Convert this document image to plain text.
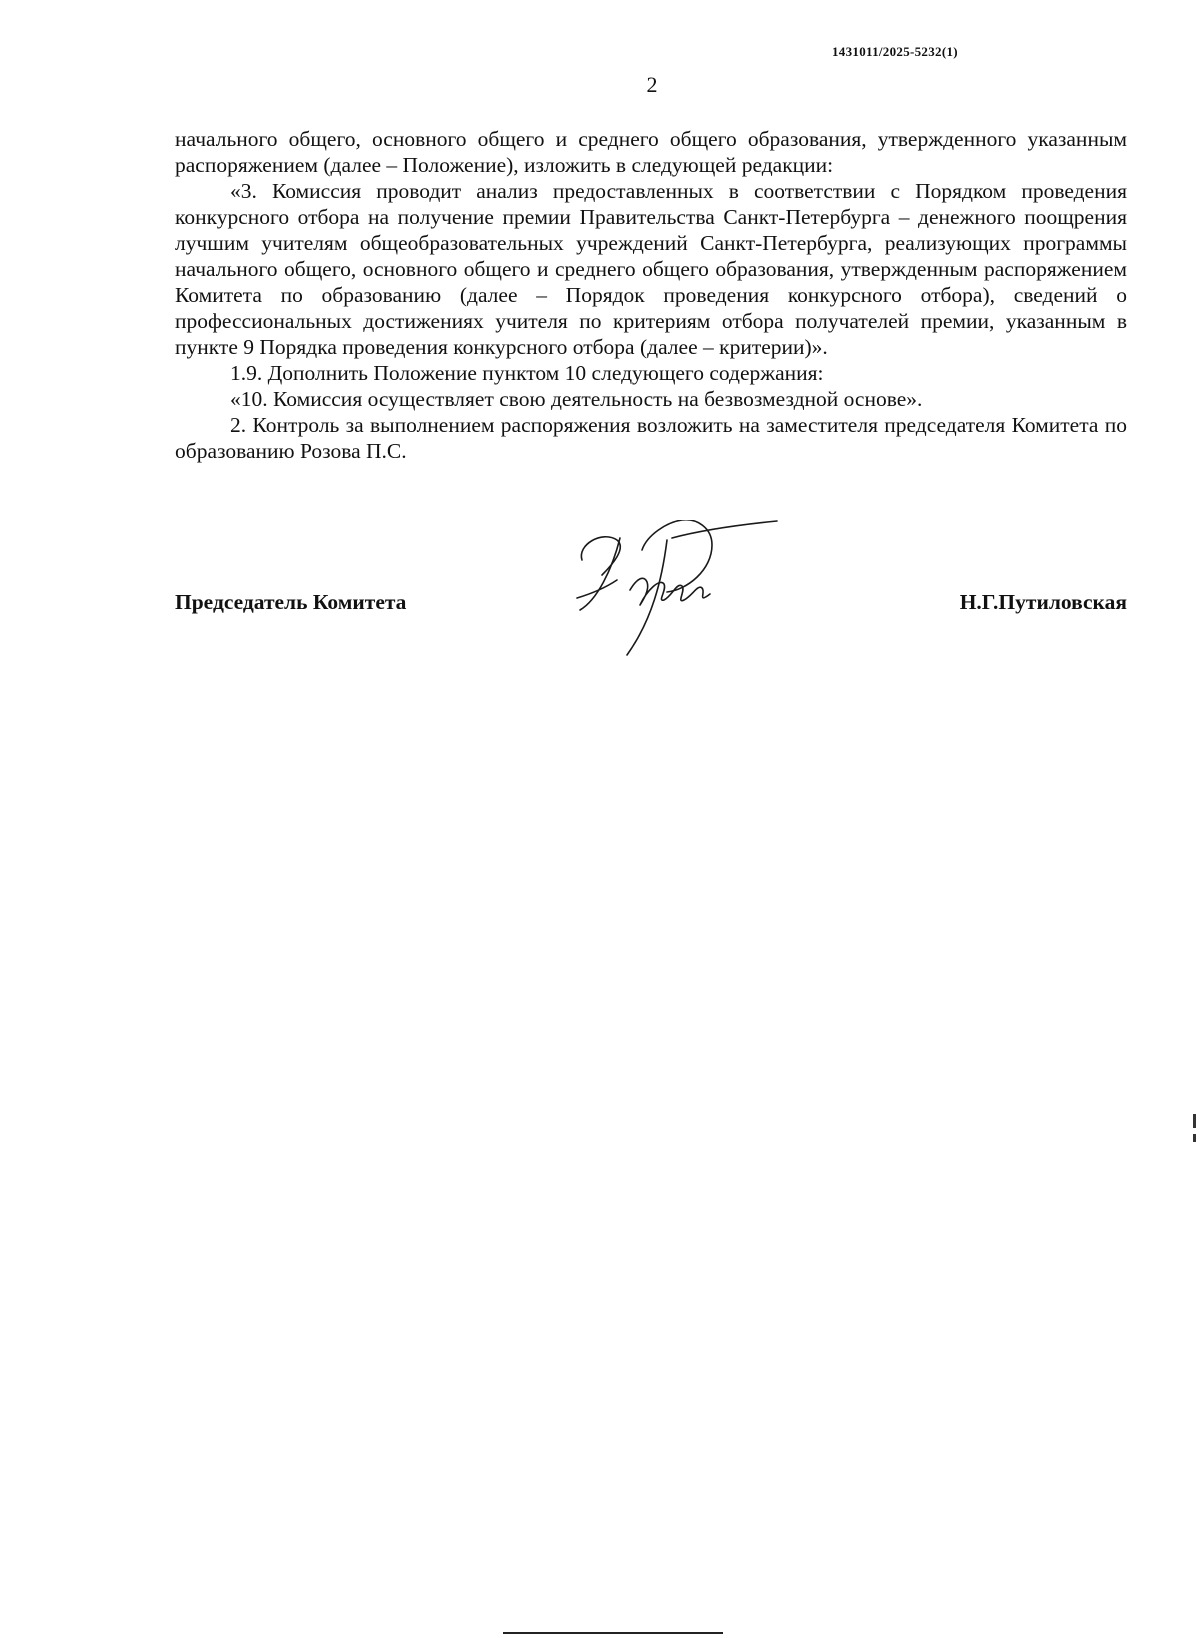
1431011/2025-5232(1)
2

начального общего, основного общего и среднего общего образования, утвержденного указанным распоряжением (далее – Положение), изложить в следующей редакции:

«3. Комиссия проводит анализ предоставленных в соответствии с Порядком проведения конкурсного отбора на получение премии Правительства Санкт-Петербурга – денежного поощрения лучшим учителям общеобразовательных учреждений Санкт-Петербурга, реализующих программы начального общего, основного общего и среднего общего образования, утвержденным распоряжением Комитета по образованию (далее – Порядок проведения конкурсного отбора), сведений о профессиональных достижениях учителя по критериям отбора получателей премии, указанным в пункте 9 Порядка проведения конкурсного отбора (далее – критерии)».

1.9. Дополнить Положение пунктом 10 следующего содержания:

«10. Комиссия осуществляет свою деятельность на безвозмездной основе».

2. Контроль за выполнением распоряжения возложить на заместителя председателя Комитета по образованию Розова П.С.

Председатель Комитета	Н.Г.Путиловская
